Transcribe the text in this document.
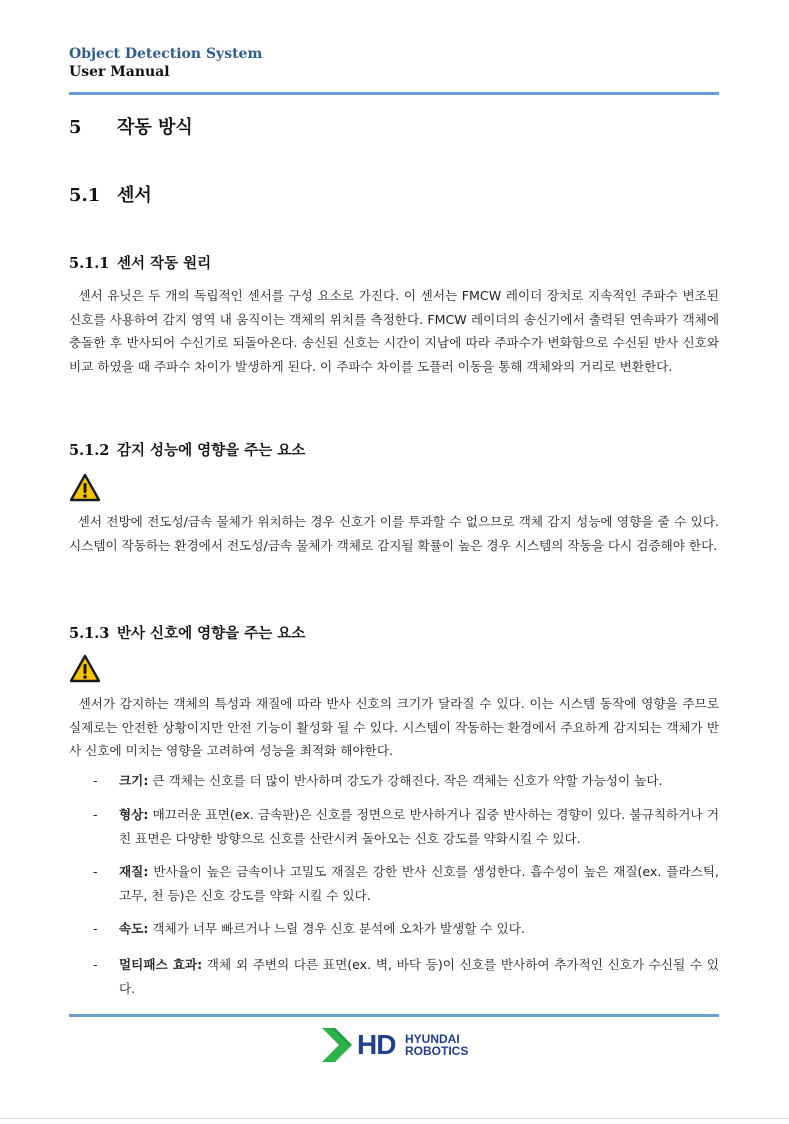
Object Detection System
User Manual
5 작동 방식
5.1 센서
5.1.1 센서 작동 원리

센서 유닛은 두 개의 독립적인 센서를 구성 요소로 가진다. 이 센서는 FMCW 레이더 장치로 지속적인 주파수 변조된 신호를 사용하여 감지 영역 내 움직이는 객체의 위치를 측정한다. FMCW 레이더의 송신기에서 출력된 연속파가 객체에 충돌한 후 반사되어 수신기로 되돌아온다. 송신된 신호는 시간이 지남에 따라 주파수가 변화함으로 수신된 반사 신호와 비교 하였을 때 주파수 차이가 발생하게 된다. 이 주파수 차이를 도플러 이동을 통해 객체와의 거리로 변환한다.

5.1.2 감지 성능에 영향을 주는 요소

센서 전방에 전도성/금속 물체가 위치하는 경우 신호가 이를 투과할 수 없으므로 객체 감지 성능에 영향을 줄 수 있다. 시스템이 작동하는 환경에서 전도성/금속 물체가 객체로 감지될 확률이 높은 경우 시스템의 작동을 다시 검증해야 한다.

5.1.3 반사 신호에 영향을 주는 요소

센서가 감지하는 객체의 특성과 재질에 따라 반사 신호의 크기가 달라질 수 있다. 이는 시스템 동작에 영향을 주므로 실제로는 안전한 상황이지만 안전 기능이 활성화 될 수 있다. 시스템이 작동하는 환경에서 주요하게 감지되는 객체가 반사 신호에 미치는 영향을 고려하여 성능을 최적화 해야한다.

- 크기: 큰 객체는 신호를 더 많이 반사하며 강도가 강해진다. 작은 객체는 신호가 약할 가능성이 높다.
- 형상: 매끄러운 표면(ex. 금속판)은 신호를 정면으로 반사하거나 집중 반사하는 경향이 있다. 불규칙하거나 거친 표면은 다양한 방향으로 신호를 산란시켜 돌아오는 신호 강도를 약화시킬 수 있다.
- 재질: 반사율이 높은 금속이나 고밀도 재질은 강한 반사 신호를 생성한다. 흡수성이 높은 재질(ex. 플라스틱, 고무, 천 등)은 신호 강도를 약화 시킬 수 있다.
- 속도: 객체가 너무 빠르거나 느릴 경우 신호 분석에 오차가 발생할 수 있다.
- 멀티패스 효과: 객체 외 주변의 다른 표면(ex. 벽, 바닥 등)이 신호를 반사하여 추가적인 신호가 수신될 수 있다.
HD HYUNDAI
ROBOTICS
